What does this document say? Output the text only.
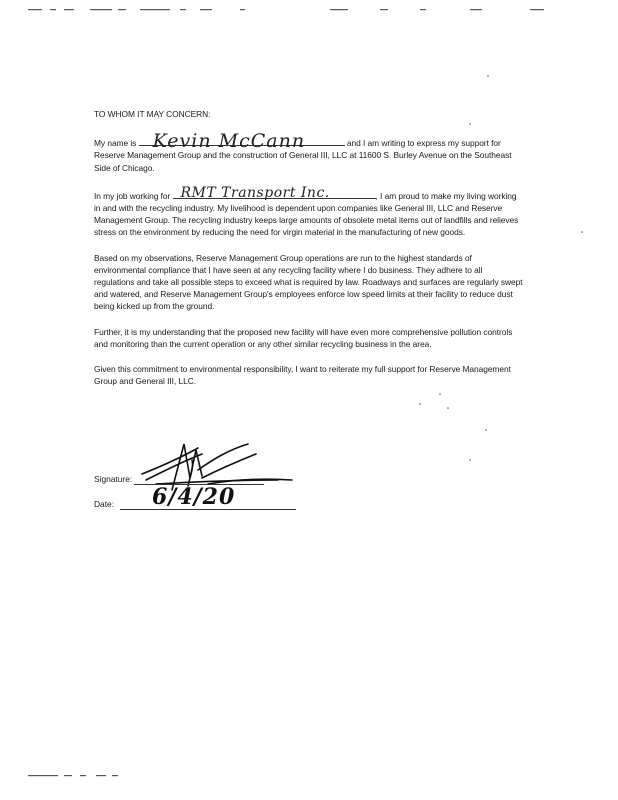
TO WHOM IT MAY CONCERN:

My name is Kevin McCann	and I am writing to express my support for Reserve Management Group and the construction of General III, LLC at 11600 S. Burley Avenue on the Southeast Side of Chicago.

In my job working for RMT Transport Inc.	, I am proud to make my living working in and with the recycling industry. My livelihood is dependent upon companies like General III, LLC and Reserve Management Group. The recycling industry keeps large amounts of obsolete metal items out of landfills and relieves stress on the environment by reducing the need for virgin material in the manufacturing of new goods.

Based on my observations, Reserve Management Group operations are run to the highest standards of environmental compliance that I have seen at any recycling facility where I do business. They adhere to all regulations and take all possible steps to exceed what is required by law. Roadways and surfaces are regularly swept and watered, and Reserve Management Group's employees enforce low speed limits at their facility to reduce dust being kicked up from the ground.

Further, it is my understanding that the proposed new facility will have even more comprehensive pollution controls and monitoring than the current operation or any other similar recycling business in the area.

Given this commitment to environmental responsibility, I want to reiterate my full support for Reserve Management Group and General III, LLC.

Signature:
6/4/20
Date:
